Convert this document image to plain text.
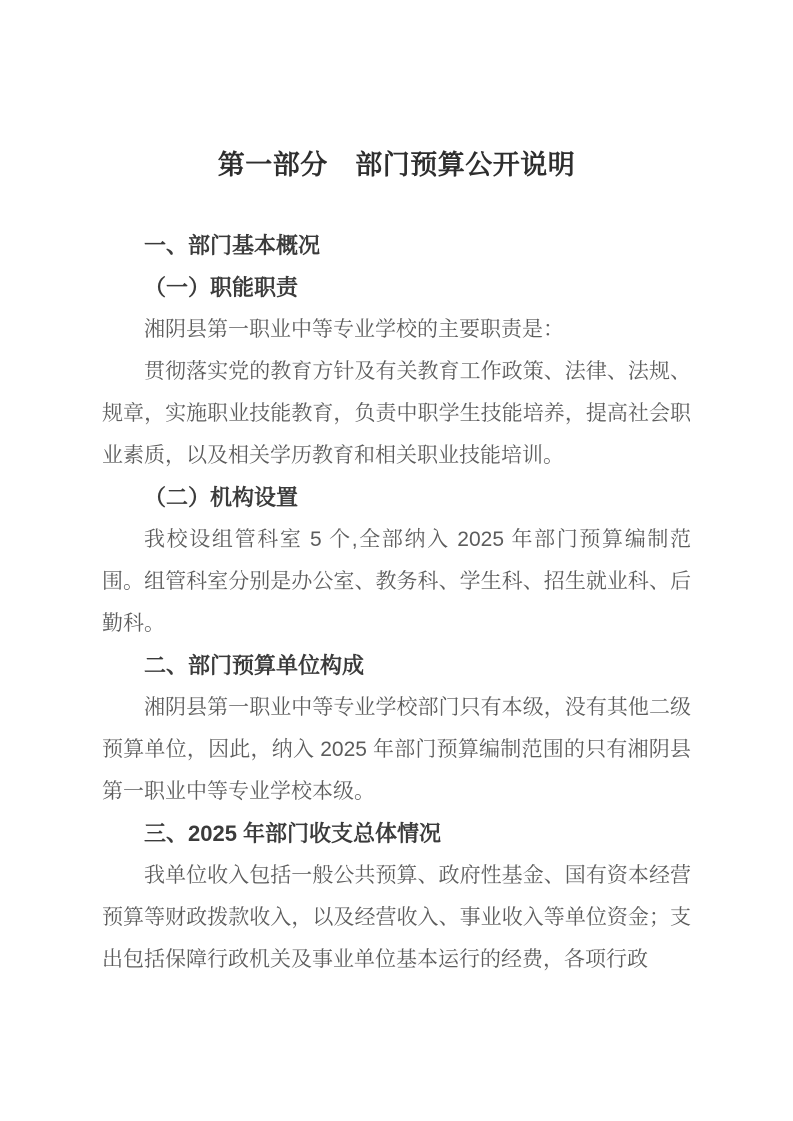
第一部分　部门预算公开说明

一、部门基本概况

（一）职能职责

湘阴县第一职业中等专业学校的主要职责是：

贯彻落实党的教育方针及有关教育工作政策、法律、法规、规章，实施职业技能教育，负责中职学生技能培养，提高社会职业素质，以及相关学历教育和相关职业技能培训。

（二）机构设置

我校设组管科室 5 个,全部纳入 2025 年部门预算编制范围。组管科室分别是办公室、教务科、学生科、招生就业科、后勤科。

二、部门预算单位构成

湘阴县第一职业中等专业学校部门只有本级，没有其他二级预算单位，因此，纳入 2025 年部门预算编制范围的只有湘阴县第一职业中等专业学校本级。

三、2025 年部门收支总体情况

我单位收入包括一般公共预算、政府性基金、国有资本经营预算等财政拨款收入，以及经营收入、事业收入等单位资金；支出包括保障行政机关及事业单位基本运行的经费，各项行政
